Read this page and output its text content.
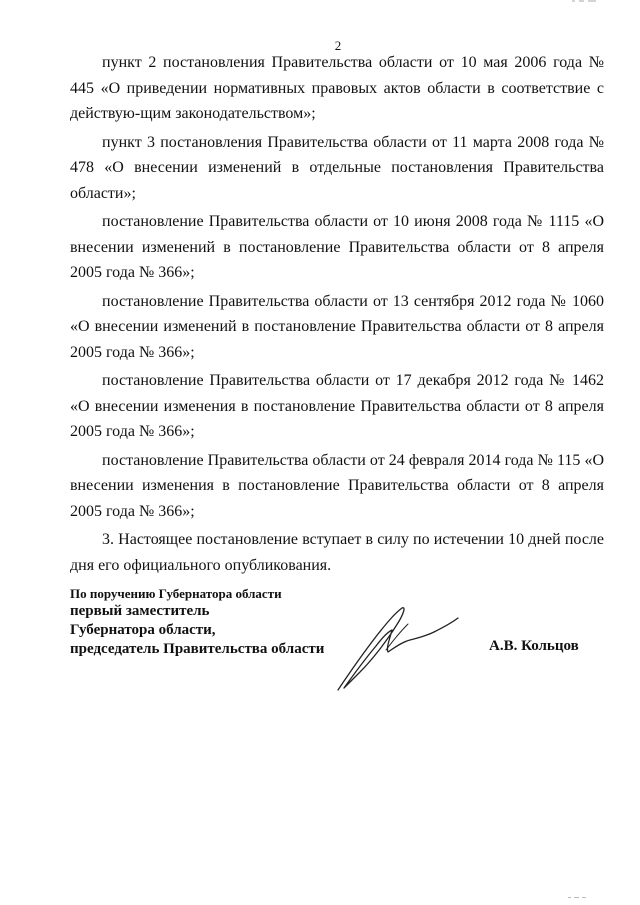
2

пункт 2 постановления Правительства области от 10 мая 2006 года № 445 «О приведении нормативных правовых актов области в соответствие с действую-щим законодательством»;

пункт 3 постановления Правительства области от 11 марта 2008 года № 478 «О внесении изменений в отдельные постановления Правительства области»;

постановление Правительства области от 10 июня 2008 года № 1115 «О внесении изменений в постановление Правительства области от 8 апреля 2005 года № 366»;

постановление Правительства области от 13 сентября 2012 года № 1060 «О внесении изменений в постановление Правительства области от 8 апреля 2005 года № 366»;

постановление Правительства области от 17 декабря 2012 года № 1462 «О внесении изменения в постановление Правительства области от 8 апреля 2005 года № 366»;

постановление Правительства области от 24 февраля 2014 года № 115 «О внесении изменения в постановление Правительства области от 8 апреля 2005 года № 366»;

3. Настоящее постановление вступает в силу по истечении 10 дней после дня его официального опубликования.

По поручению Губернатора области
первый заместитель
Губернатора области,
председатель Правительства области	А.В. Кольцов
